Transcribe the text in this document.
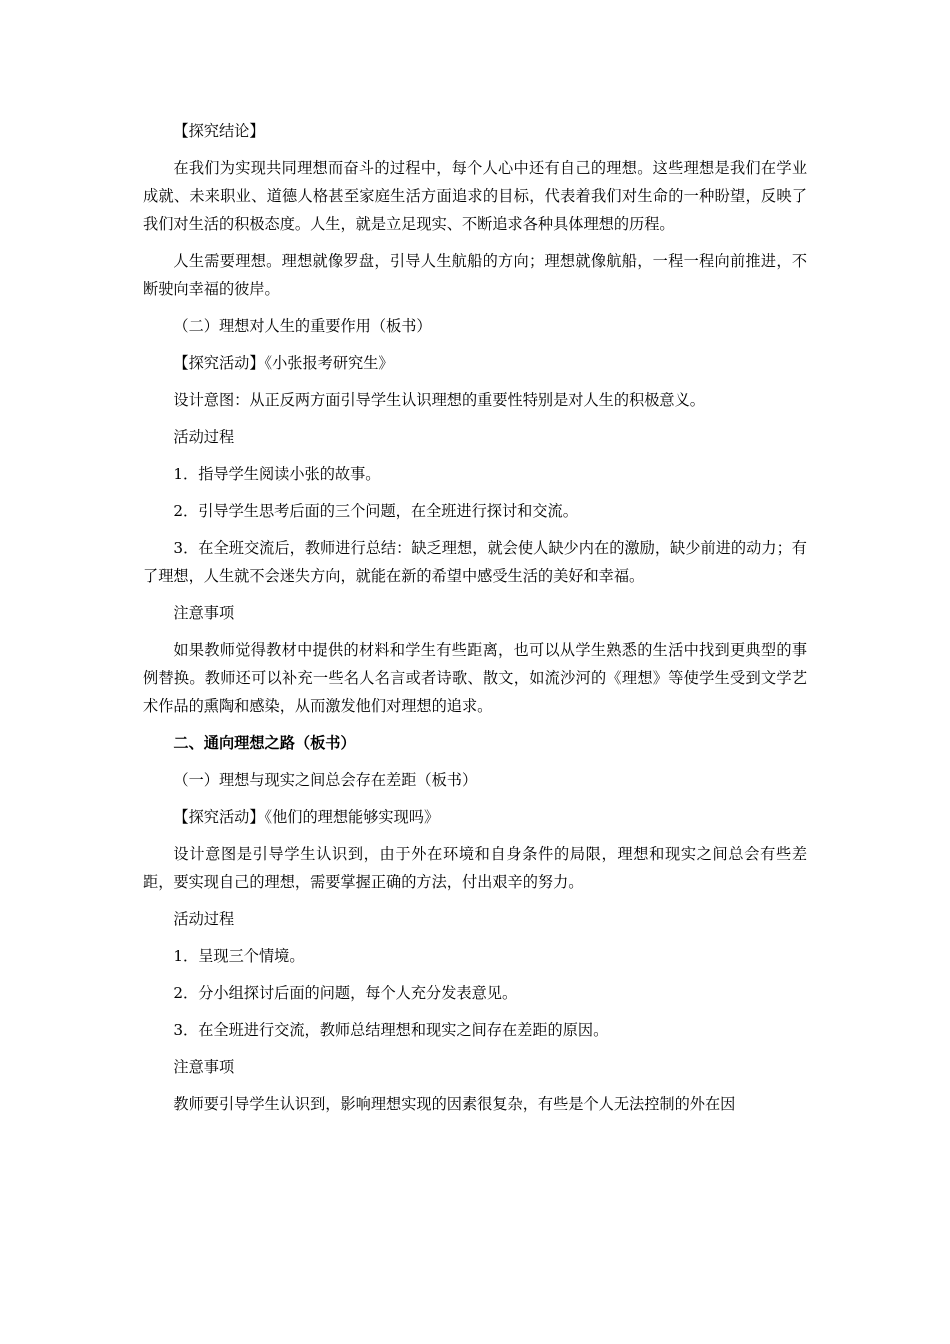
【探究结论】

在我们为实现共同理想而奋斗的过程中，每个人心中还有自己的理想。这些理想是我们在学业成就、未来职业、道德人格甚至家庭生活方面追求的目标，代表着我们对生命的一种盼望，反映了我们对生活的积极态度。人生，就是立足现实、不断追求各种具体理想的历程。

人生需要理想。理想就像罗盘，引导人生航船的方向；理想就像航船，一程一程向前推进，不断驶向幸福的彼岸。

（二）理想对人生的重要作用（板书）

【探究活动】《小张报考研究生》

设计意图：从正反两方面引导学生认识理想的重要性特别是对人生的积极意义。

活动过程

1．指导学生阅读小张的故事。

2．引导学生思考后面的三个问题，在全班进行探讨和交流。

3．在全班交流后，教师进行总结：缺乏理想，就会使人缺少内在的激励，缺少前进的动力；有了理想，人生就不会迷失方向，就能在新的希望中感受生活的美好和幸福。

注意事项

如果教师觉得教材中提供的材料和学生有些距离，也可以从学生熟悉的生活中找到更典型的事例替换。教师还可以补充一些名人名言或者诗歌、散文，如流沙河的《理想》等使学生受到文学艺术作品的熏陶和感染，从而激发他们对理想的追求。

二、通向理想之路（板书）

（一）理想与现实之间总会存在差距（板书）

【探究活动】《他们的理想能够实现吗》

设计意图是引导学生认识到，由于外在环境和自身条件的局限，理想和现实之间总会有些差距，要实现自己的理想，需要掌握正确的方法，付出艰辛的努力。

活动过程

1．呈现三个情境。

2．分小组探讨后面的问题，每个人充分发表意见。

3．在全班进行交流，教师总结理想和现实之间存在差距的原因。

注意事项

教师要引导学生认识到，影响理想实现的因素很复杂，有些是个人无法控制的外在因
